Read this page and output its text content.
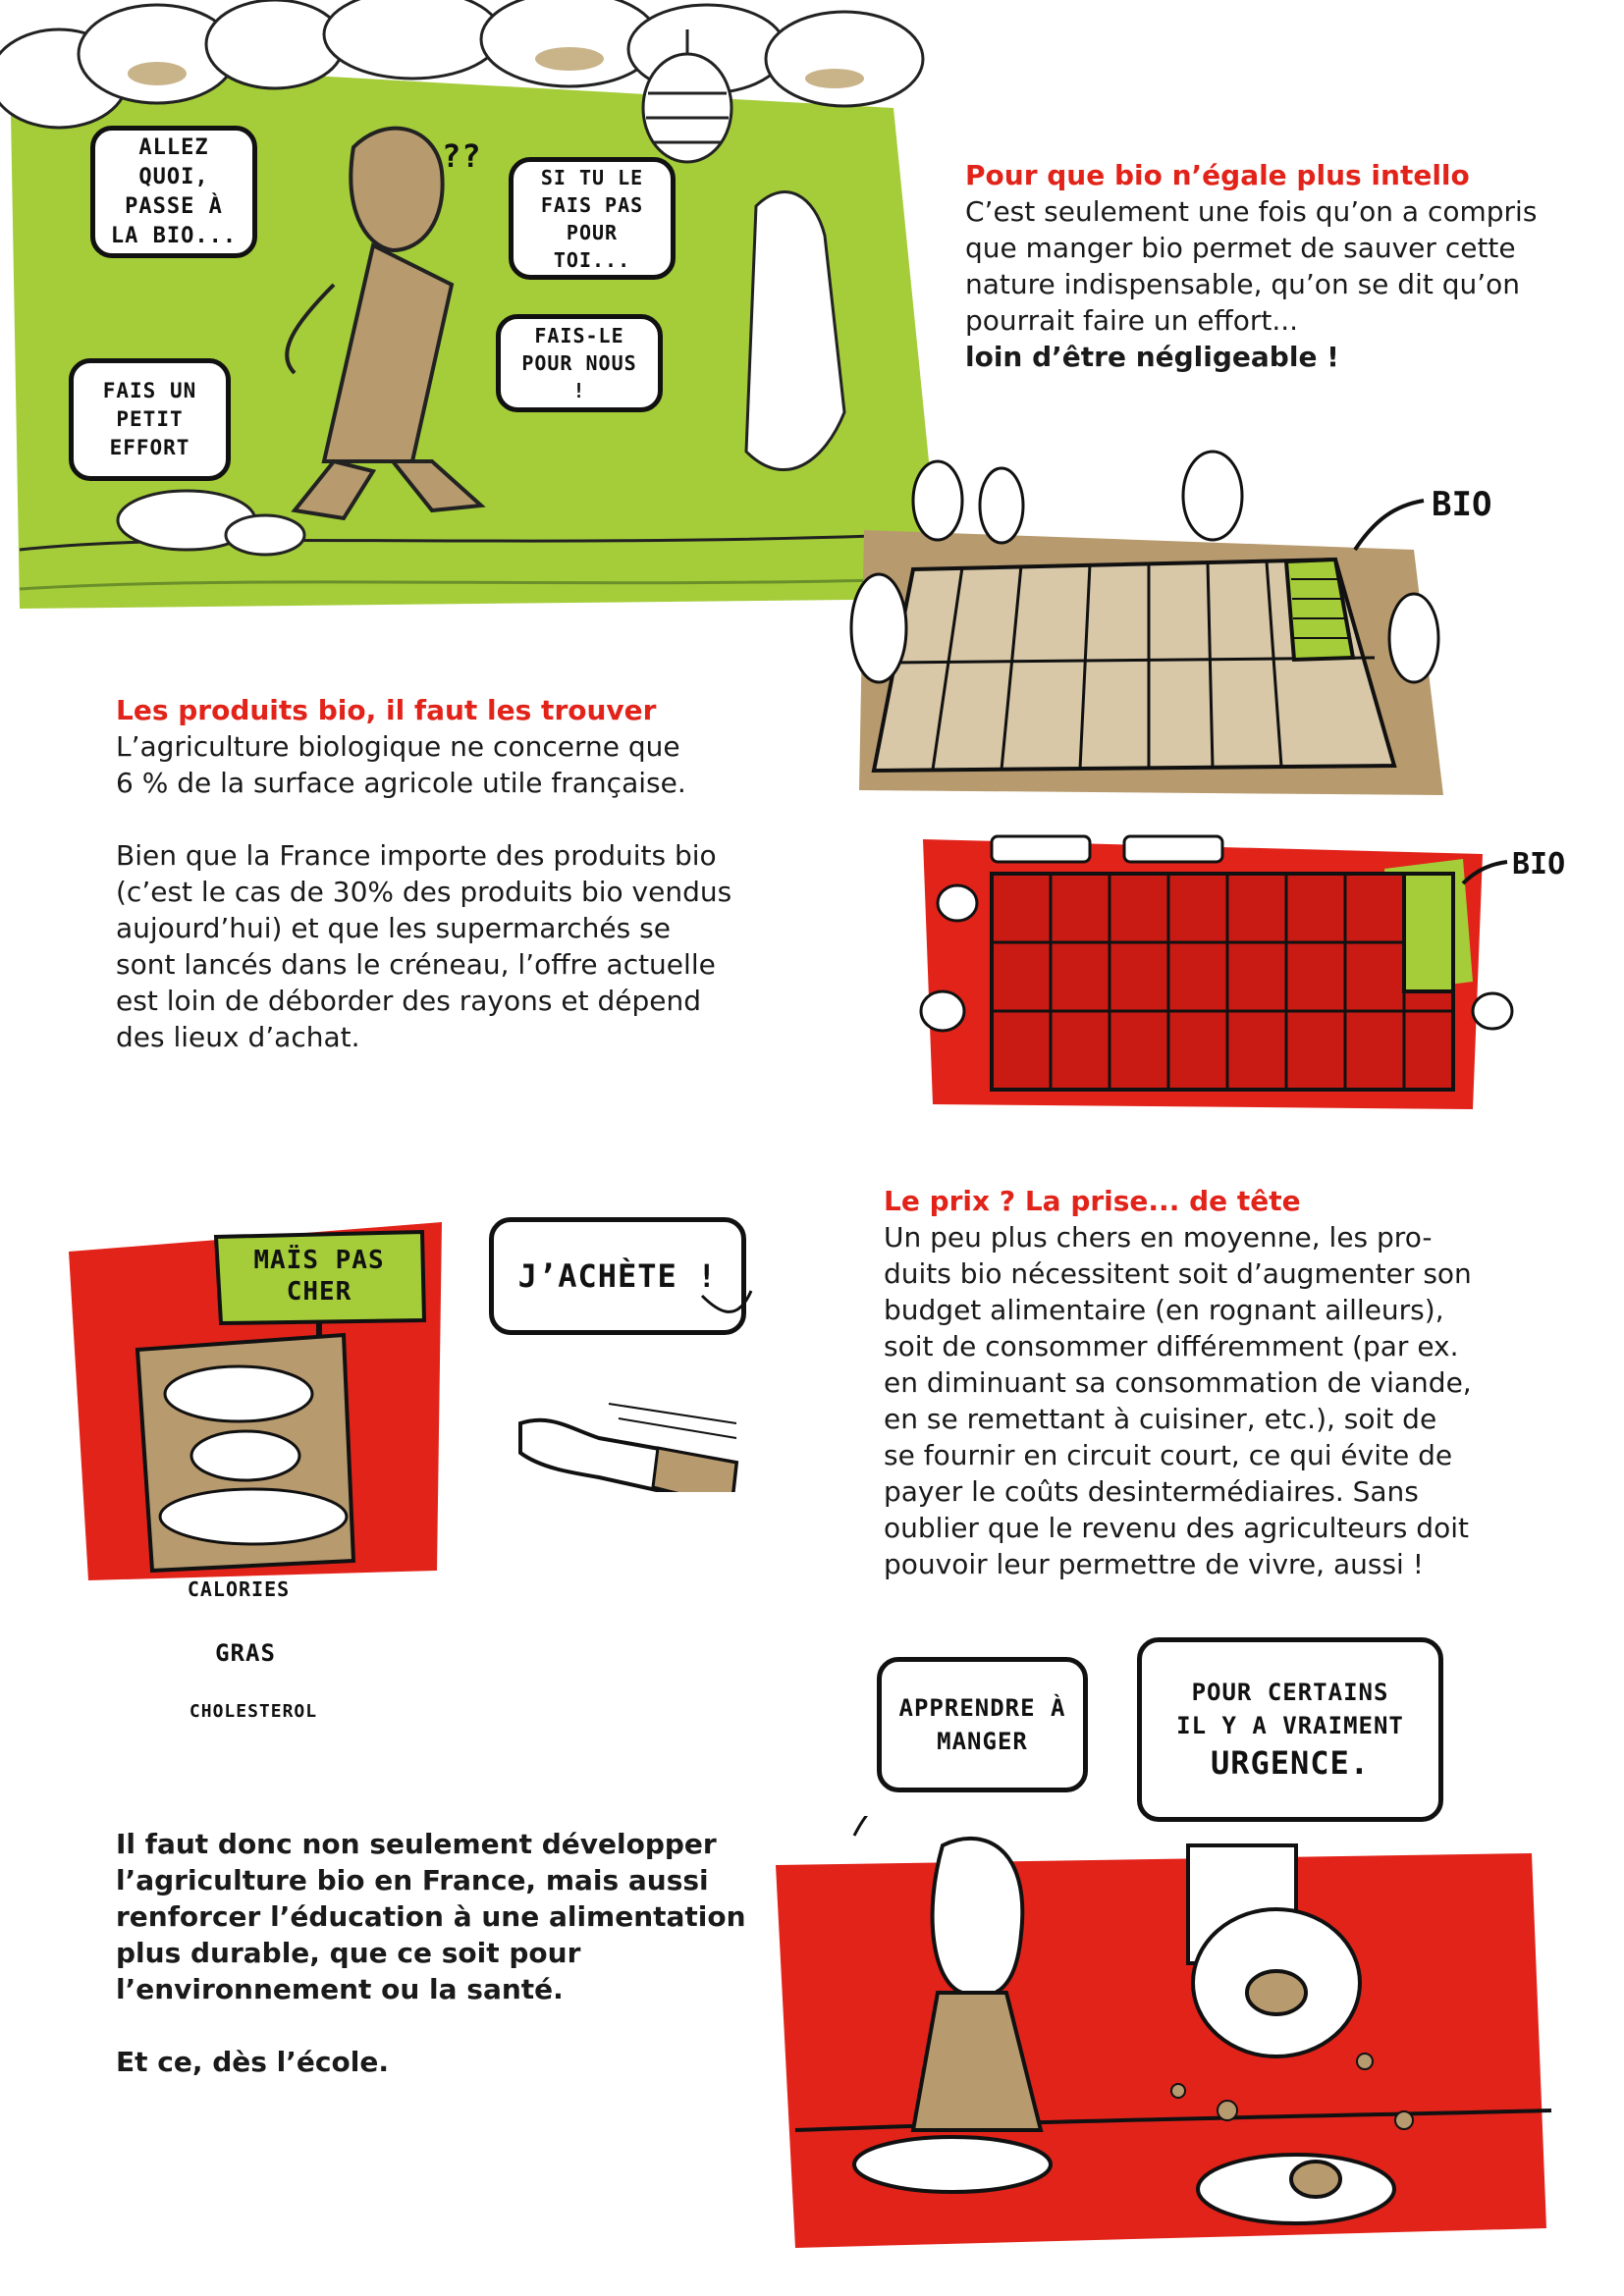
??
ALLEZ QUOI, PASSE À LA BIO...
SI TU LE FAIS PAS POUR TOI...
FAIS UN PETIT EFFORT
FAIS-LE POUR NOUS !
Pour que bio n’égale plus intello
C’est seulement une fois qu’on a compris
que manger bio permet de sauver cette
nature indispensable, qu’on se dit qu’on
pourrait faire un effort...
loin d’être négligeable !
BIO
Les produits bio, il faut les trouver
L’agriculture biologique ne concerne que
6 % de la surface agricole utile française.
Bien que la France importe des produits bio
(c’est le cas de 30% des produits bio vendus
aujourd’hui) et que les supermarchés se
sont lancés dans le créneau, l’offre actuelle
est loin de déborder des rayons et dépend
des lieux d’achat.
BIO
MAÏS PAS CHER
CALORIES
GRAS
CHOLESTEROL
J’ACHÈTE !
Le prix ? La prise... de tête
Un peu plus chers en moyenne, les pro-
duits bio nécessitent soit d’augmenter son
budget alimentaire (en rognant ailleurs),
soit de consommer différemment (par ex.
en diminuant sa consommation de viande,
en se remettant à cuisiner, etc.), soit de
se fournir en circuit court, ce qui évite de
payer le coûts desintermédiaires. Sans
oublier que le revenu des agriculteurs doit
pouvoir leur permettre de vivre, aussi !
APPRENDRE À MANGER
POUR CERTAINS
IL Y A VRAIMENT
URGENCE.
Il faut donc non seulement développer
l’agriculture bio en France, mais aussi
renforcer l’éducation à une alimentation
plus durable, que ce soit pour
l’environnement ou la santé.
Et ce, dès l’école.
